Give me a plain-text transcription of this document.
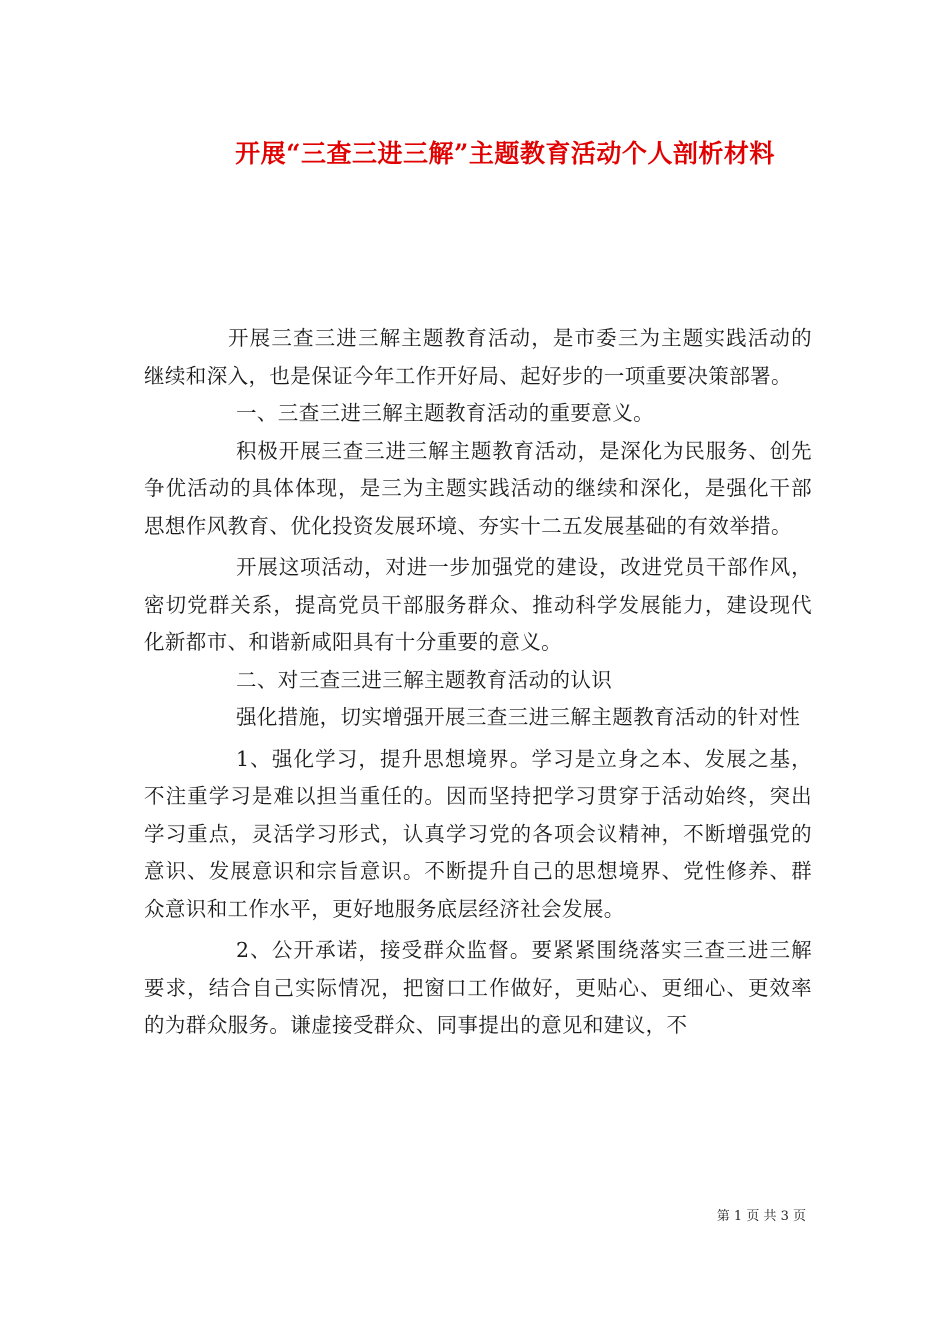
开展“三查三进三解”主题教育活动个人剖析材料

开展三查三进三解主题教育活动，是市委三为主题实践活动的继续和深入，也是保证今年工作开好局、起好步的一项重要决策部署。

一、三查三进三解主题教育活动的重要意义。

积极开展三查三进三解主题教育活动，是深化为民服务、创先争优活动的具体体现，是三为主题实践活动的继续和深化，是强化干部思想作风教育、优化投资发展环境、夯实十二五发展基础的有效举措。

开展这项活动，对进一步加强党的建设，改进党员干部作风，密切党群关系，提高党员干部服务群众、推动科学发展能力，建设现代化新都市、和谐新咸阳具有十分重要的意义。

二、对三查三进三解主题教育活动的认识

强化措施，切实增强开展三查三进三解主题教育活动的针对性

1、强化学习，提升思想境界。学习是立身之本、发展之基，不注重学习是难以担当重任的。因而坚持把学习贯穿于活动始终，突出学习重点，灵活学习形式，认真学习党的各项会议精神，不断增强党的意识、发展意识和宗旨意识。不断提升自己的思想境界、党性修养、群众意识和工作水平，更好地服务底层经济社会发展。

2、公开承诺，接受群众监督。要紧紧围绕落实三查三进三解要求，结合自己实际情况，把窗口工作做好，更贴心、更细心、更效率的为群众服务。谦虚接受群众、同事提出的意见和建议，不

第 1 页 共 3 页
